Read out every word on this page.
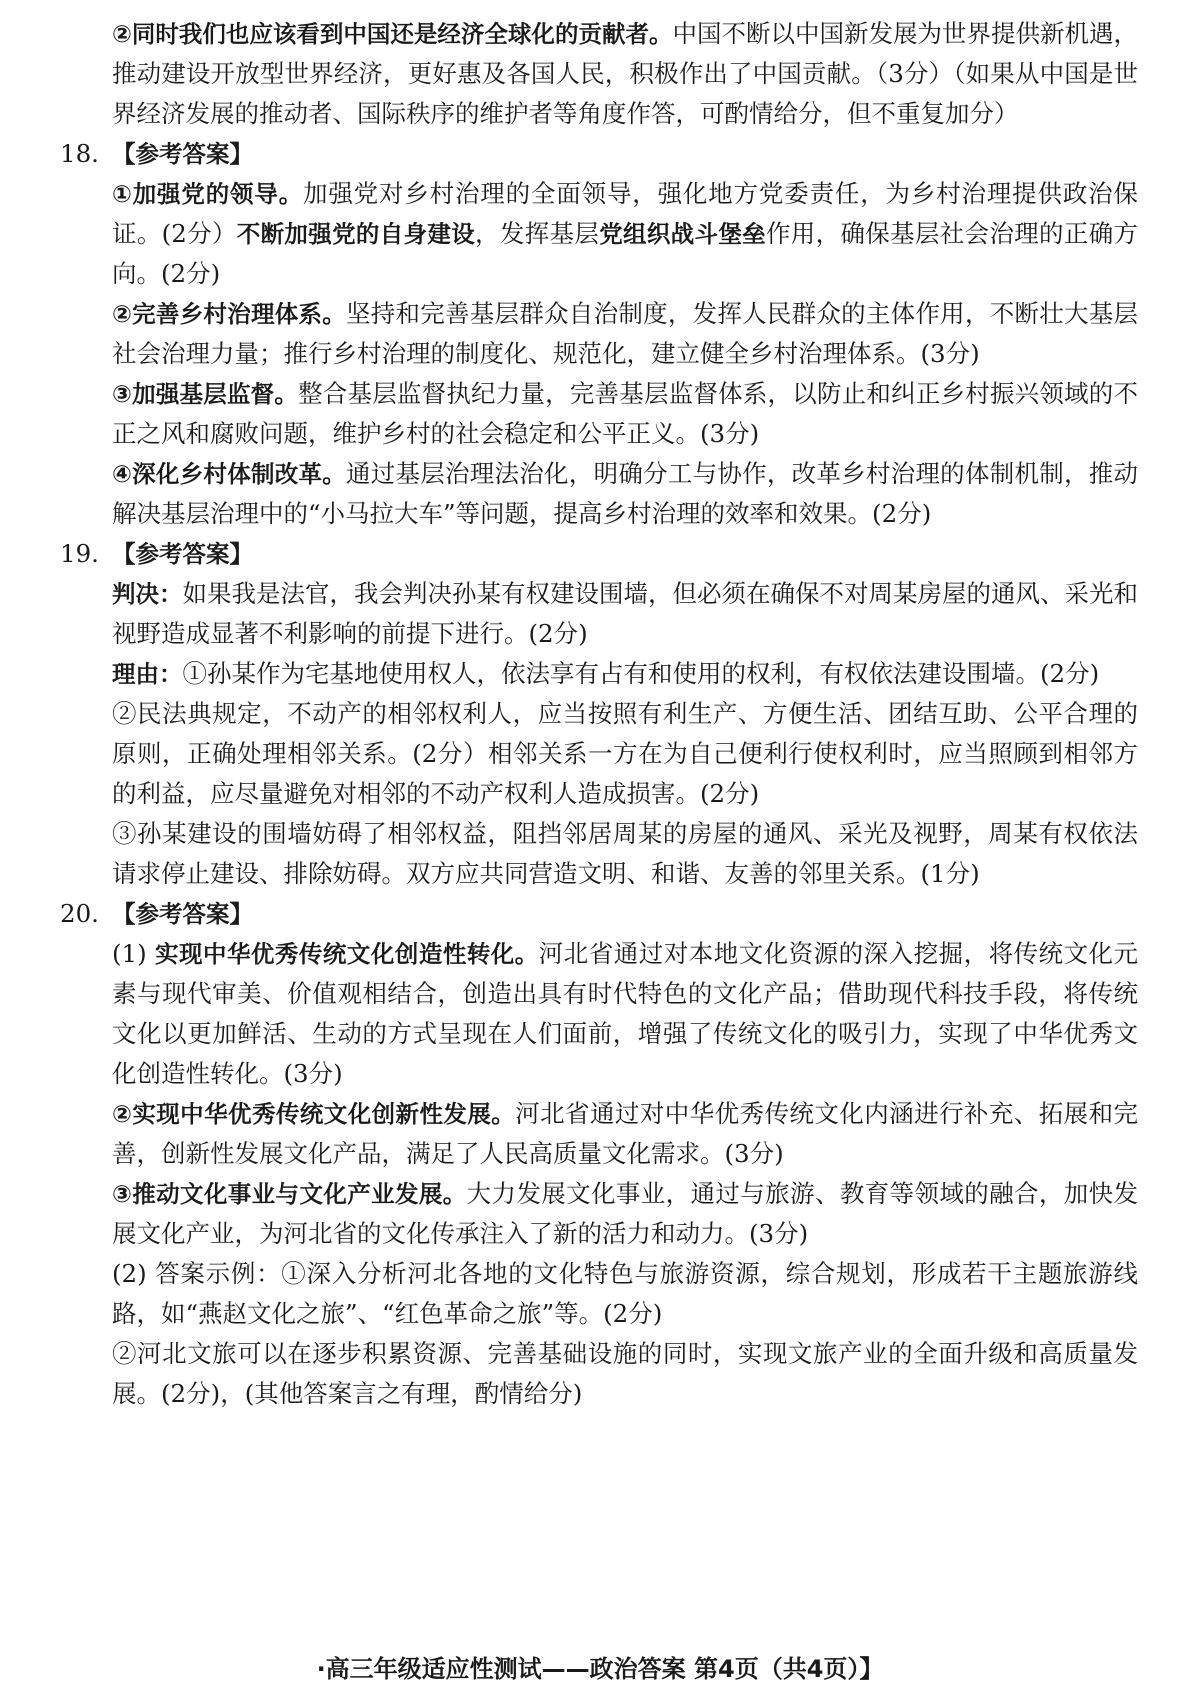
②同时我们也应该看到中国还是经济全球化的贡献者。中国不断以中国新发展为世界提供新机遇，推动建设开放型世界经济，更好惠及各国人民，积极作出了中国贡献。（3分）（如果从中国是世界经济发展的推动者、国际秩序的维护者等角度作答，可酌情给分，但不重复加分）

18. 【参考答案】

①加强党的领导。加强党对乡村治理的全面领导，强化地方党委责任，为乡村治理提供政治保证。(2分）不断加强党的自身建设，发挥基层党组织战斗堡垒作用，确保基层社会治理的正确方向。(2分)

②完善乡村治理体系。坚持和完善基层群众自治制度，发挥人民群众的主体作用，不断壮大基层社会治理力量；推行乡村治理的制度化、规范化，建立健全乡村治理体系。(3分)

③加强基层监督。整合基层监督执纪力量，完善基层监督体系，以防止和纠正乡村振兴领域的不正之风和腐败问题，维护乡村的社会稳定和公平正义。(3分)

④深化乡村体制改革。通过基层治理法治化，明确分工与协作，改革乡村治理的体制机制，推动解决基层治理中的“小马拉大车”等问题，提高乡村治理的效率和效果。(2分)

19. 【参考答案】

判决：如果我是法官，我会判决孙某有权建设围墙，但必须在确保不对周某房屋的通风、采光和视野造成显著不利影响的前提下进行。(2分)

理由：①孙某作为宅基地使用权人，依法享有占有和使用的权利，有权依法建设围墙。(2分)

②民法典规定，不动产的相邻权利人，应当按照有利生产、方便生活、团结互助、公平合理的原则，正确处理相邻关系。(2分）相邻关系一方在为自己便利行使权利时，应当照顾到相邻方的利益，应尽量避免对相邻的不动产权利人造成损害。(2分)

③孙某建设的围墙妨碍了相邻权益，阻挡邻居周某的房屋的通风、采光及视野，周某有权依法请求停止建设、排除妨碍。双方应共同营造文明、和谐、友善的邻里关系。(1分)

20. 【参考答案】

(1) 实现中华优秀传统文化创造性转化。河北省通过对本地文化资源的深入挖掘，将传统文化元素与现代审美、价值观相结合，创造出具有时代特色的文化产品；借助现代科技手段，将传统文化以更加鲜活、生动的方式呈现在人们面前，增强了传统文化的吸引力，实现了中华优秀文化创造性转化。(3分)

②实现中华优秀传统文化创新性发展。河北省通过对中华优秀传统文化内涵进行补充、拓展和完善，创新性发展文化产品，满足了人民高质量文化需求。(3分)

③推动文化事业与文化产业发展。大力发展文化事业，通过与旅游、教育等领域的融合，加快发展文化产业，为河北省的文化传承注入了新的活力和动力。(3分)

(2) 答案示例：①深入分析河北各地的文化特色与旅游资源，综合规划，形成若干主题旅游线路，如“燕赵文化之旅”、“红色革命之旅”等。(2分)

②河北文旅可以在逐步积累资源、完善基础设施的同时，实现文旅产业的全面升级和高质量发展。(2分)，(其他答案言之有理，酌情给分)

·高三年级适应性测试——政治答案 第4页（共4页）】
